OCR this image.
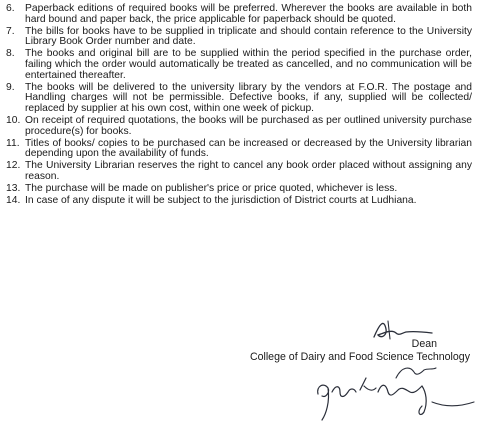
6. Paperback editions of required books will be preferred. Wherever the books are available in both hard bound and paper back, the price applicable for paperback should be quoted.
7. The bills for books have to be supplied in triplicate and should contain reference to the University Library Book Order number and date.
8. The books and original bill are to be supplied within the period specified in the purchase order, failing which the order would automatically be treated as cancelled, and no communication will be entertained thereafter.
9. The books will be delivered to the university library by the vendors at F.O.R. The postage and Handling charges will not be permissible. Defective books, if any, supplied will be collected/ replaced by supplier at his own cost, within one week of pickup.
10. On receipt of required quotations, the books will be purchased as per outlined university purchase procedure(s) for books.
11. Titles of books/ copies to be purchased can be increased or decreased by the University librarian depending upon the availability of funds.
12. The University Librarian reserves the right to cancel any book order placed without assigning any reason.
13. The purchase will be made on publisher's price or price quoted, whichever is less.
14. In case of any dispute it will be subject to the jurisdiction of District courts at Ludhiana.
Dean
College of Dairy and Food Science Technology
